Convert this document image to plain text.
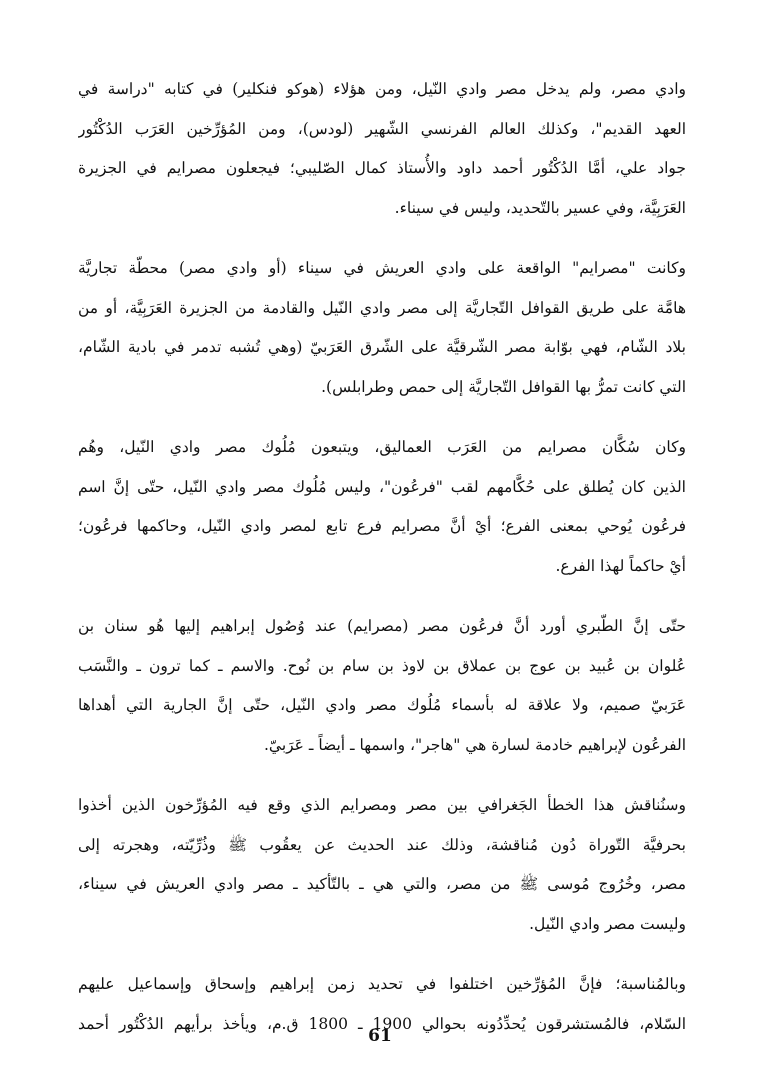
وادي مصر، ولم يدخل مصر وادي النّيل، ومن هؤلاء (هوكو فنكلير) في كتابه "دراسة في
العهد القديم"، وكذلك العالم الفرنسي الشّهير (لودس)، ومن المُؤرِّخين العَرَب الدُكْتُور
جواد علي، أمَّا الدُكْتُور أحمد داود والأُستاذ كمال الصّليبي؛ فيجعلون مصرايم في الجزيرة
العَرَبِيَّة، وفي عسير بالتّحديد، وليس في سيناء.

وكانت "مصرايم" الواقعة على وادي العريش في سيناء (أو وادي مصر) محطّة تجاريَّة
هامَّة على طريق القوافل التّجاريَّة إلى مصر وادي النّيل والقادمة من الجزيرة العَرَبِيَّة، أو من
بلاد الشّام، فهي بوّابة مصر الشّرقيَّة على الشّرق العَرَبيّ (وهي تُشبه تدمر في بادية الشّام،
التي كانت تمرُّ بها القوافل التّجاريَّة إلى حمص وطرابلس).

وكان سُكَّان مصرايم من العَرَب العماليق، ويتبعون مُلُوك مصر وادي النّيل، وهُم
الذين كان يُطلق على حُكَّامهم لقب "فرعُون"، وليس مُلُوك مصر وادي النّيل، حتّى إنَّ اسم
فرعُون يُوحي بمعنى الفرع؛ أيْ أنَّ مصرايم فرع تابع لمصر وادي النّيل، وحاكمها فرعُون؛
أيْ حاكماً لهذا الفرع.

حتّى إنَّ الطّبري أورد أنَّ فرعُون مصر (مصرايم) عند وُصُول إبراهيم إليها هُو سنان بن
عُلوان بن عُبيد بن عوج بن عملاق بن لاوذ بن سام بن نُوح. والاسم ـ كما ترون ـ والنَّسَب
عَرَبيّ صميم، ولا علاقة له بأسماء مُلُوك مصر وادي النّيل، حتّى إنَّ الجارية التي أهداها
الفرعُون لإبراهيم خادمة لسارة هي "هاجر"، واسمها ـ أيضاً ـ عَرَبيّ.

وسنُناقش هذا الخطأ الجَغرافي بين مصر ومصرايم الذي وقع فيه المُؤرِّخون الذين أخذوا
بحرفيَّة التّوراة دُون مُناقشة، وذلك عند الحديث عن يعقُوب ﷺ وذُرِّيّته، وهجرته إلى
مصر، وخُرُوج مُوسى ﷺ من مصر، والتي هي ـ بالتّأكيد ـ مصر وادي العريش في سيناء،
وليست مصر وادي النّيل.

وبالمُناسبة؛ فإنَّ المُؤرِّخين اختلفوا في تحديد زمن إبراهيم وإسحاق وإسماعيل عليهم
السّلام، فالمُستشرقون يُحدِّدُونه بحوالي 1900 ـ 1800 ق.م، ويأخذ برأيهم الدُكْتُور أحمد

61
